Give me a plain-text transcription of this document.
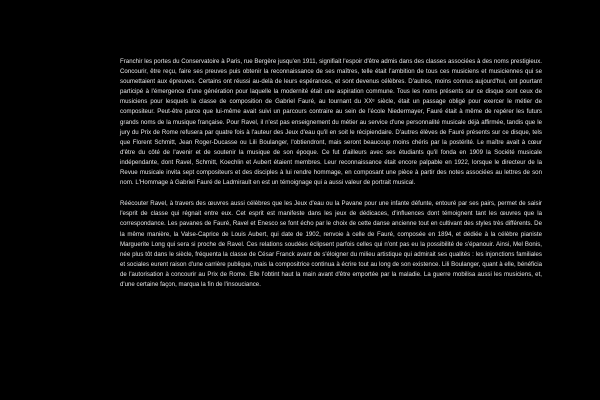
Franchir les portes du Conservatoire à Paris, rue Bergère jusqu'en 1911, signifiait l'espoir d'être admis dans des classes associées à des noms prestigieux. Concourir, être reçu, faire ses preuves puis obtenir la reconnaissance de ses maîtres, telle était l'ambition de tous ces musiciens et musiciennes qui se soumettaient aux épreuves. Certains ont réussi au-delà de leurs espérances, et sont devenus célèbres. D'autres, moins connus aujourd'hui, ont pourtant participé à l'émergence d'une génération pour laquelle la modernité était une aspiration commune. Tous les noms présents sur ce disque sont ceux de musiciens pour lesquels la classe de composition de Gabriel Fauré, au tournant du XXᵉ siècle, était un passage obligé pour exercer le métier de compositeur. Peut-être parce que lui-même avait suivi un parcours contraire au sein de l'école Niedermayer, Fauré était à même de repérer les futurs grands noms de la musique française. Pour Ravel, il n'est pas enseignement du métier au service d'une personnalité musicale déjà affirmée, tandis que le jury du Prix de Rome refusera par quatre fois à l'auteur des Jeux d'eau qu'il en soit le récipiendaire. D'autres élèves de Fauré présents sur ce disque, tels que Florent Schmitt, Jean Roger-Ducasse ou Lili Boulanger, l'obtiendront, mais seront beaucoup moins chéris par la postérité. Le maître avait à cœur d'être du côté de l'avenir et de soutenir la musique de son époque. Ce fut d'ailleurs avec ses étudiants qu'il fonda en 1909 la Société musicale indépendante, dont Ravel, Schmitt, Koechlin et Aubert étaient membres. Leur reconnaissance était encore palpable en 1922, lorsque le directeur de la Revue musicale invita sept compositeurs et des disciples à lui rendre hommage, en composant une pièce à partir des notes associées au lettres de son nom. L'Hommage à Gabriel Fauré de Ladmirault en est un témoignage qui a aussi valeur de portrait musical.

Réécouter Ravel, à travers des œuvres aussi célèbres que les Jeux d'eau ou la Pavane pour une infante défunte, entouré par ses pairs, permet de saisir l'esprit de classe qui régnait entre eux. Cet esprit est manifeste dans les jeux de dédicaces, d'influences dont témoignent tant les œuvres que la correspondance. Les pavanes de Fauré, Ravel et Enesco se font écho par le choix de cette danse ancienne tout en cultivant des styles très différents. De la même manière, la Valse-Caprice de Louis Aubert, qui date de 1902, renvoie à celle de Fauré, composée en 1894, et dédiée à la célèbre pianiste Marguerite Long qui sera si proche de Ravel. Ces relations soudées éclipsent parfois celles qui n'ont pas eu la possibilité de s'épanouir. Ainsi, Mel Bonis, née plus tôt dans le siècle, fréquenta la classe de César Franck avant de s'éloigner du milieu artistique qui admirait ses qualités : les injonctions familiales et sociales eurent raison d'une carrière publique, mais la compositrice continua à écrire tout au long de son existence. Lili Boulanger, quant à elle, bénéficia de l'autorisation à concourir au Prix de Rome. Elle l'obtint haut la main avant d'être emportée par la maladie. La guerre mobilisa aussi les musiciens, et, d'une certaine façon, marqua la fin de l'insouciance.
